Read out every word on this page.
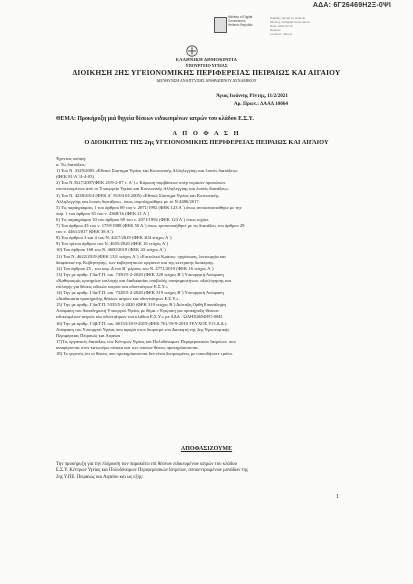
ΑΔΑ: 6Γ26469Η2Ξ-0ΨΙ
Ministry of Digital
Governance,
Hellenic Republic
Digitally signed by Hellenic
Ministry of Digital Governance
Date: 2021.02.11
Reason:
Location: Athens
ΕΛΛΗΝΙΚΗ ΔΗΜΟΚΡΑΤΙΑ
ΥΠΟΥΡΓΕΙΟ ΥΓΕΙΑΣ
ΔΙΟΙΚΗΣΗ 2ΗΣ ΥΓΕΙΟΝΟΜΙΚΗΣ ΠΕΡΙΦΕΡΕΙΑΣ ΠΕΙΡΑΙΩΣ ΚΑΙ ΑΙΓΑΙΟΥ
ΔΙΕΥΘΥΝΣΗ ΑΝΑΠΤΥΞΗΣ ΑΝΘΡΩΠΙΝΟΥ ΔΥΝΑΜΙΚΟΥ
Άγιος Ιωάννης Ρέντης, 11/2/2021
Αρ. Πρωτ.: ΔΑΑΔ 10064
ΘΕΜΑ: Προκήρυξη μιά θηγεία θέσεων ειδικευμένων ιατρών του κλάδου Ε.Σ.Υ.
Α Π Ο Φ Α Σ Η
Ο ΔΙΟΙΚΗΤΗΣ ΤΗΣ 2ης ΥΓΕΙΟΝΟΜΙΚΗΣ ΠΕΡΙΦΕΡΕΙΑΣ ΠΕΙΡΑΙΩΣ ΚΑΙ ΑΙΓΑΙΟΥ

Έχοντας υπόψη:

α. Τις διατάξεις:

1) Του Ν. 3329/2005 «Εθνικό Σύστημα Υγείας και Κοινωνικής Αλληλεγγύης και λοιπές διατάξεις»

(ΦΕΚ 81/Α΄/4-4-05)

2) Του Ν.3527/2007(ΦΕΚ 25/9-2-07 τ. Α΄) « Κύρωση συμβάσεων υπέρ νομικών προσώπων

εποπτευομένων από το Υπουργείο Υγείας και Κοινωνικής Αλληλεγγύης και λοιπές διατάξεις»

3) Του Ν. 4238/2014 (ΦΕΚ Α΄ 81/04.04.2005) «Εθνικό Σύστημα Υγείας και Κοινωνικής

Αλληλεγγύης και λοιπές διατάξεις», όπως συμπληρώθηκε με το Ν.4486/2017.

5) Τις παραγράφους 1 του άρθρου 69 του ν. 2071/1992 (ΦΕΚ 123 Α΄) όπως αντικαταστάθηκε με την

παρ. 1 του άρθρου 35 του ν. 4368/16 (ΦΕΚ 21 Α΄)

6) Τις παραγράφου 10 του άρθρου 69 του ν. 2071/1992 (ΦΕΚ 123 Α΄) όπως ισχύει.

7) Του άρθρου 43 του ν. 1759/1988 (ΦΕΚ 50 Α΄) όπως τροποποιήθηκε με τις διατάξεις του άρθρου 29

του ν. 4461/2017 (ΦΕΚ 38 Α΄).

8) Του άρθρου 3 και 4 του Ν. 4417/2019 (ΦΕΚ 204 τεύχος Α΄)

9) Του τρίτου άρθρου του Ν. 4655/2020 (ΦΕΚ 16 τεύχος Α΄)

10) Του άρθρου 168 του Ν. 4600/2019 (ΦΕΚ 43 τεύχος Α΄)

11) Του Ν. 4622/2019 (ΦΕΚ 133/ τεύχος Α΄) «Επιτελικό Κράτος: οργάνωση, λειτουργία και

διαφάνεια της Κυβέρνησης, των κυβερνητικών οργάνων και της κεντρικής διοίκησης.

12) Του άρθρου 25 , του κεφ. Δ του Β΄ μέρους του Ν. 4771/2019 (ΦΕΚ 16 τεύχος Α΄)

13) Την με αριθμ. Γ4α/Γ.Π. οικ. 7350/5-2-2020 (ΦΕΚ 320 τεύχος Β΄) Υπουργική Απόφαση

«Καθορισμός κριτηρίων επιλογής και διαδικασίας υποβολής υποψηφιοτήτων, αξιολόγησης και

επιλογής για θέσεις ειδικών ιατρών και οδοντιάτρων Ε.Σ.Υ.»

14) Την με αριθμ. Γ4α/Γ.Π. οικ. 7328/5-2-2020 (ΦΕΚ 319 τεύχος Β΄) Υπουργική Απόφαση

«Διαδικασία προκήρυξης θέσεων ιατρών και οδοντιάτρων Ε.Σ.Υ.».

15) Την με αριθμ. Γ4α/Γ.Π. 5335/5-2-2020 (ΦΕΚ 319 τεύχος Β΄) Διόταξη Ορθή Επανάληψη

Απόφαση του Αναπληρωτή Υπουργού Υγείας με θέμα « Έγκριση για προκήρυξη θέσεων

ειδικευμένων ιατρών και οδοντιάτρων του κλάδου Ε.Σ.Υ.» με ΑΔΑ : ΩΑΗΞ465ΦΥΟ-0ΜΙ.

16) Την με αριθμ. Γ4β/Γ.Π. οικ. 66153/18-9-2019 (ΦΕΚ 761/19-9-2019 ΤΕΥΧΟΣ Υ.Ο.Δ.Δ.)

Απόφαση του Υπουργού Υγείας που αφορά στον διορισμό του Διοικητή της 2ης Υγειονομικής

Περιφέρειας Πειραιώς και Αιγαίου

17)Τις οργανικές διατάξεις των Κέντρων Υγείας και Πολυδύναμων Περιφερειακών Ιατρείων, που

αναφέρονται στον κατωτέρω πίνακα και των οποίων θέσεις προκηρύσσονται.

18) Το γεγονός ότι οι θέσεις που προκηρύσσονται δεν είναι δεσμευμένες με οποιοδήποτε τρόπο.

ΑΠΟΦΑΣΙΖΟΥΜΕ

Την προκήρυξη για την πλήρωση των παρακάτω επί θέσεων ειδικευμένων ιατρών του κλάδου

Ε.Σ.Υ. Κέντρων Υγείας και Πολυδύναμων Περιφερειακών Ιατρείων, αποκεντρωμένων μονάδων της

2ης Υ.ΠΕ. Πειραιώς και Αιγαίου και ως εξής:

1
